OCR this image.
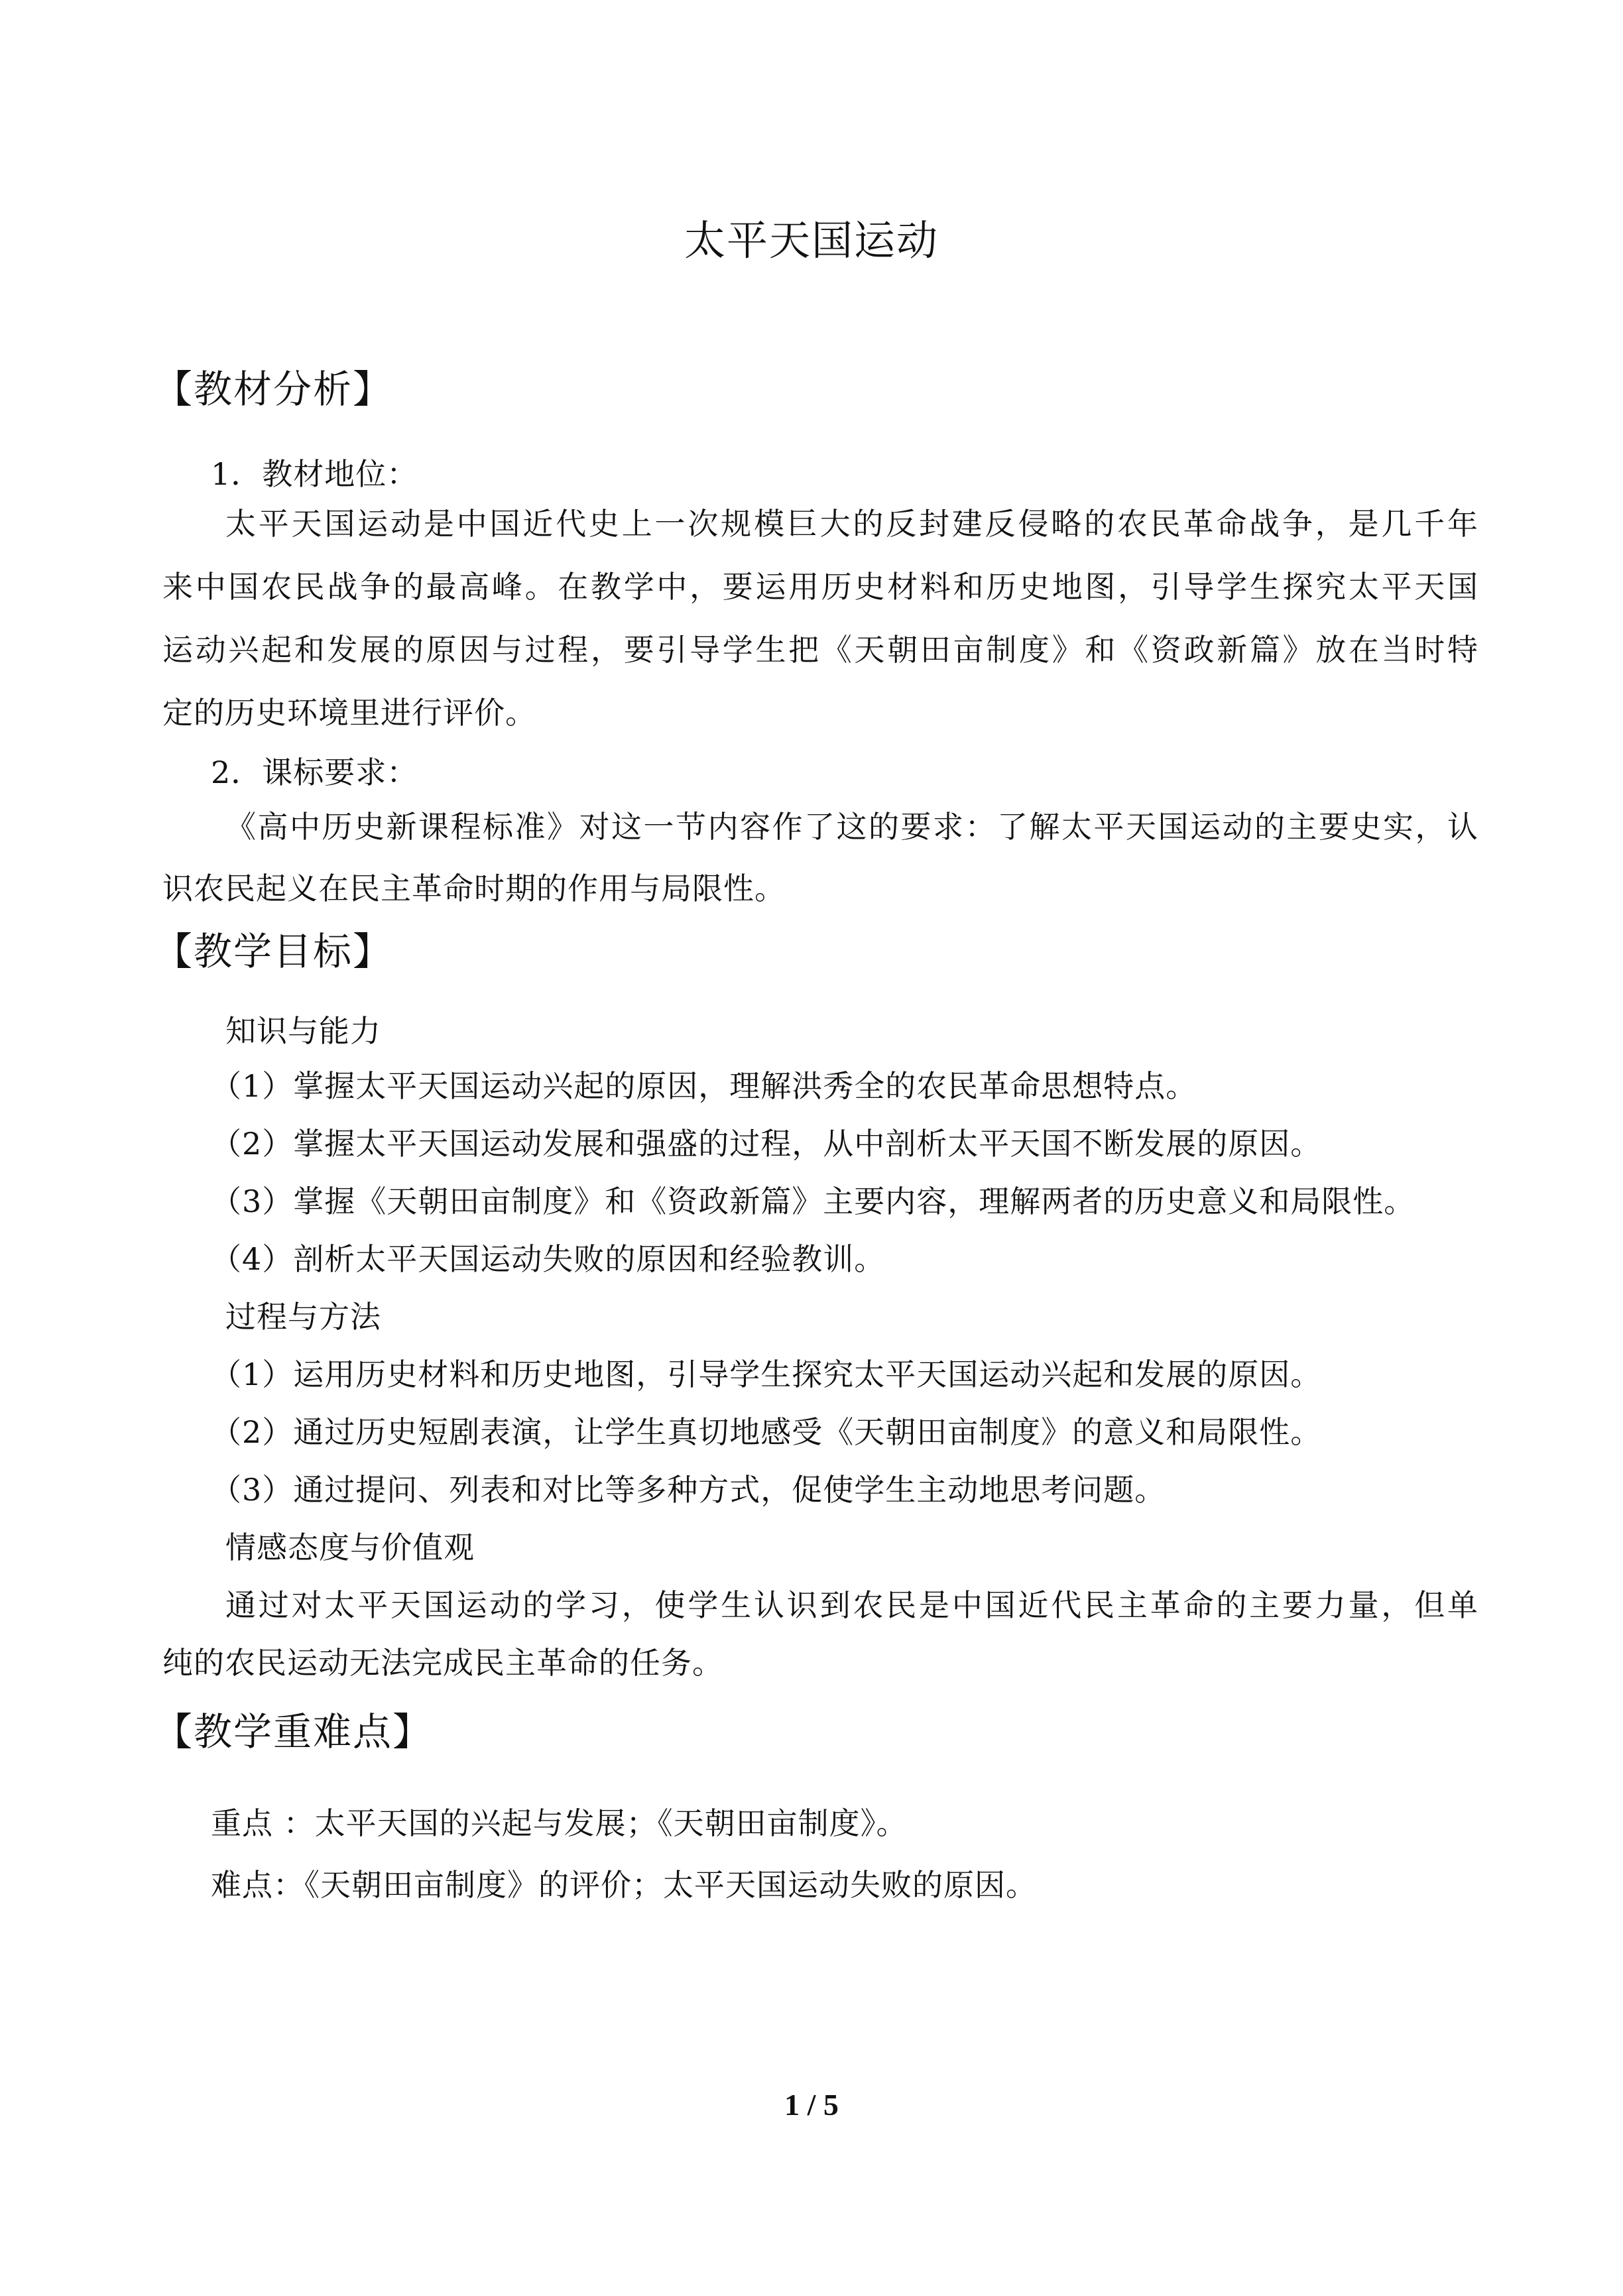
太平天国运动
【教材分析】
1．教材地位：
太平天国运动是中国近代史上一次规模巨大的反封建反侵略的农民革命战争，是几千年
来中国农民战争的最高峰。在教学中，要运用历史材料和历史地图，引导学生探究太平天国
运动兴起和发展的原因与过程，要引导学生把《天朝田亩制度》和《资政新篇》放在当时特
定的历史环境里进行评价。
2．课标要求：
《高中历史新课程标准》对这一节内容作了这的要求：了解太平天国运动的主要史实，认
识农民起义在民主革命时期的作用与局限性。
【教学目标】
知识与能力
（1）掌握太平天国运动兴起的原因，理解洪秀全的农民革命思想特点。
（2）掌握太平天国运动发展和强盛的过程，从中剖析太平天国不断发展的原因。
（3）掌握《天朝田亩制度》和《资政新篇》主要内容，理解两者的历史意义和局限性。
（4）剖析太平天国运动失败的原因和经验教训。
过程与方法
（1）运用历史材料和历史地图，引导学生探究太平天国运动兴起和发展的原因。
（2）通过历史短剧表演，让学生真切地感受《天朝田亩制度》的意义和局限性。
（3）通过提问、列表和对比等多种方式，促使学生主动地思考问题。
情感态度与价值观
通过对太平天国运动的学习，使学生认识到农民是中国近代民主革命的主要力量，但单
纯的农民运动无法完成民主革命的任务。
【教学重难点】
重点 ：太平天国的兴起与发展；《天朝田亩制度》。
难点：《天朝田亩制度》的评价；太平天国运动失败的原因。
1 / 5
